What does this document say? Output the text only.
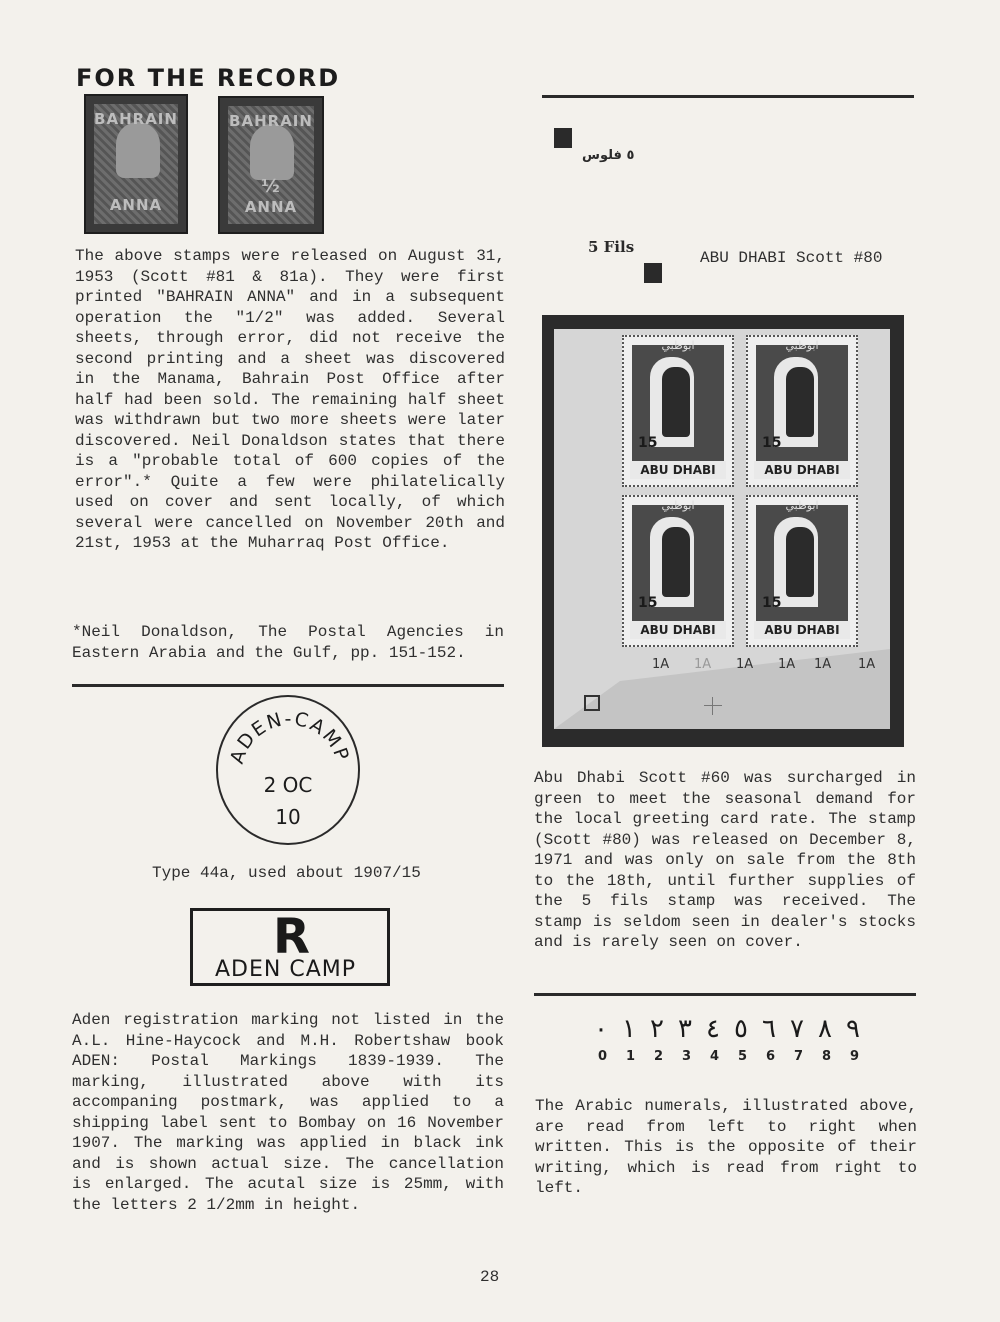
FOR THE RECORD
BAHRAIN
ANNA
BAHRAIN
½
ANNA

The above stamps were released on August 31, 1953 (Scott #81 & 81a). They were first printed "BAHRAIN ANNA" and in a subsequent operation the "1/2" was added. Several sheets, through error, did not receive the second printing and a sheet was discovered in the Manama, Bahrain Post Office after half had been sold. The remaining half sheet was withdrawn but two more sheets were later discovered. Neil Donaldson states that there is a "probable total of 600 copies of the error".* Quite a few were philatelically used on cover and sent locally, of which several were cancelled on November 20th and 21st, 1953 at the Muharraq Post Office.

*Neil Donaldson, The Postal Agencies in Eastern Arabia and the Gulf, pp. 151-152.

ADEN-CAMP
2 OC
10
Type 44a, used about 1907/15
R
ADEN CAMP

Aden registration marking not listed in the A.L. Hine-Haycock and M.H. Robertshaw book ADEN: Postal Markings 1839-1939. The marking, illustrated above with its accompaning postmark, was applied to a shipping label sent to Bombay on 16 November 1907. The marking was applied in black ink and is shown actual size. The cancellation is enlarged. The acutal size is 25mm, with the letters 2 1/2mm in height.

٥ فلوس
5 Fils
ABU DHABI Scott #80
ابوظبي
15
ABU DHABI
ابوظبي
15
ABU DHABI
ابوظبي
15
ABU DHABI
ابوظبي
15
ABU DHABI
1A 1A 1A 1A 1A 1A

Abu Dhabi Scott #60 was surcharged in green to meet the seasonal demand for the local greeting card rate. The stamp (Scott #80) was released on December 8, 1971 and was only on sale from the 8th to the 18th, until further supplies of the 5 fils stamp was received. The stamp is seldom seen in dealer's stocks and is rarely seen on cover.

٠ ١ ٢ ٣ ٤ ٥ ٦ ٧ ٨ ٩
0 1 2 3 4 5 6 7 8 9

The Arabic numerals, illustrated above, are read from left to right when written. This is the opposite of their writing, which is read from right to left.

28
